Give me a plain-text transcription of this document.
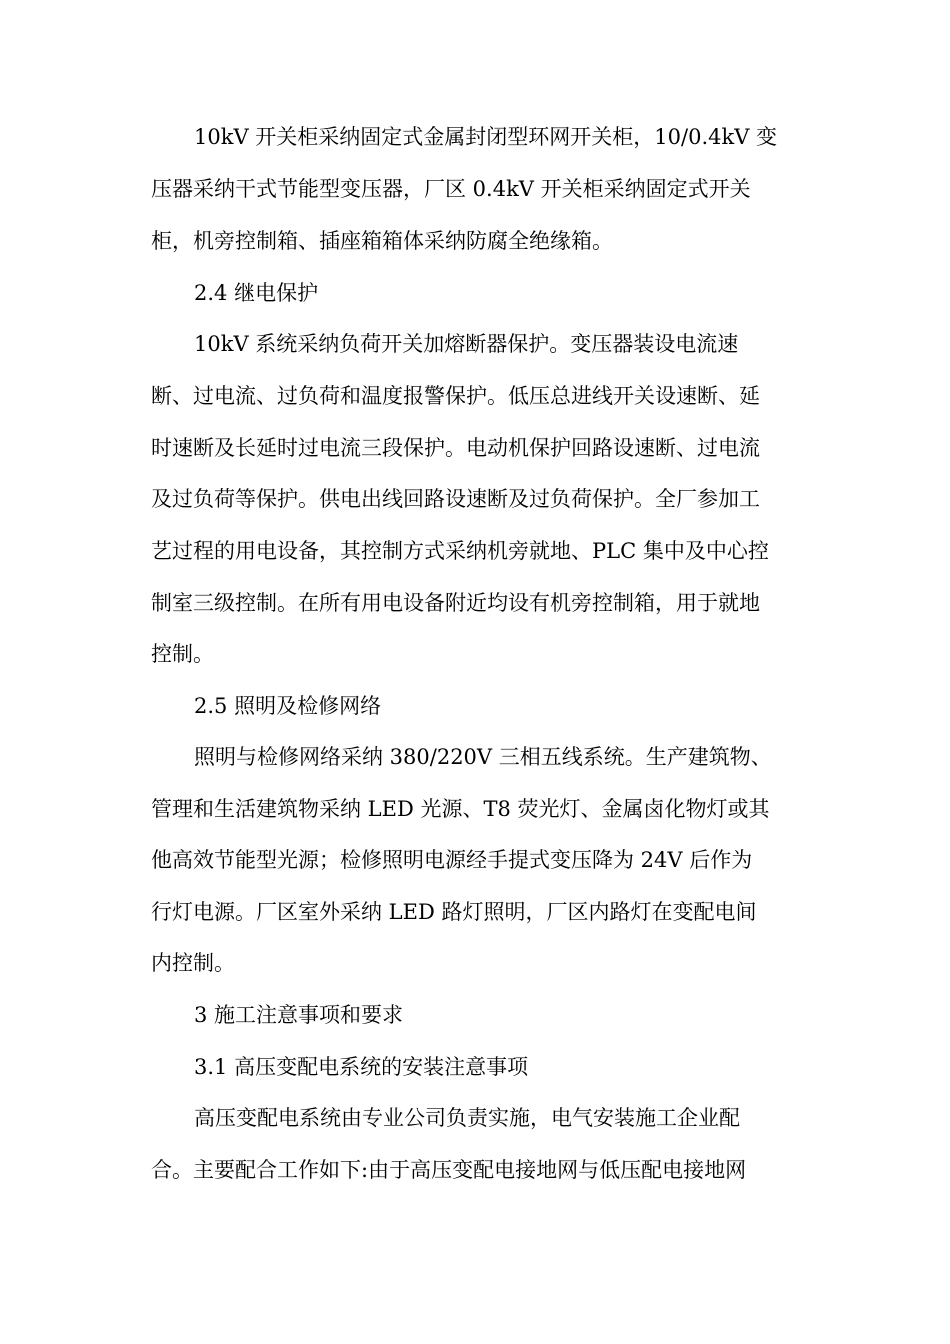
10kV 开关柜采纳固定式金属封闭型环网开关柜，10/0.4kV 变
压器采纳干式节能型变压器，厂区 0.4kV 开关柜采纳固定式开关
柜，机旁控制箱、插座箱箱体采纳防腐全绝缘箱。
2.4 继电保护
10kV 系统采纳负荷开关加熔断器保护。变压器装设电流速
断、过电流、过负荷和温度报警保护。低压总进线开关设速断、延
时速断及长延时过电流三段保护。电动机保护回路设速断、过电流
及过负荷等保护。供电出线回路设速断及过负荷保护。全厂参加工
艺过程的用电设备，其控制方式采纳机旁就地、PLC 集中及中心控
制室三级控制。在所有用电设备附近均设有机旁控制箱，用于就地
控制。
2.5 照明及检修网络
照明与检修网络采纳 380/220V 三相五线系统。生产建筑物、
管理和生活建筑物采纳 LED 光源、T8 荧光灯、金属卤化物灯或其
他高效节能型光源；检修照明电源经手提式变压降为 24V 后作为
行灯电源。厂区室外采纳 LED 路灯照明，厂区内路灯在变配电间
内控制。
3 施工注意事项和要求
3.1 高压变配电系统的安装注意事项
高压变配电系统由专业公司负责实施，电气安装施工企业配
合。主要配合工作如下:由于高压变配电接地网与低压配电接地网
